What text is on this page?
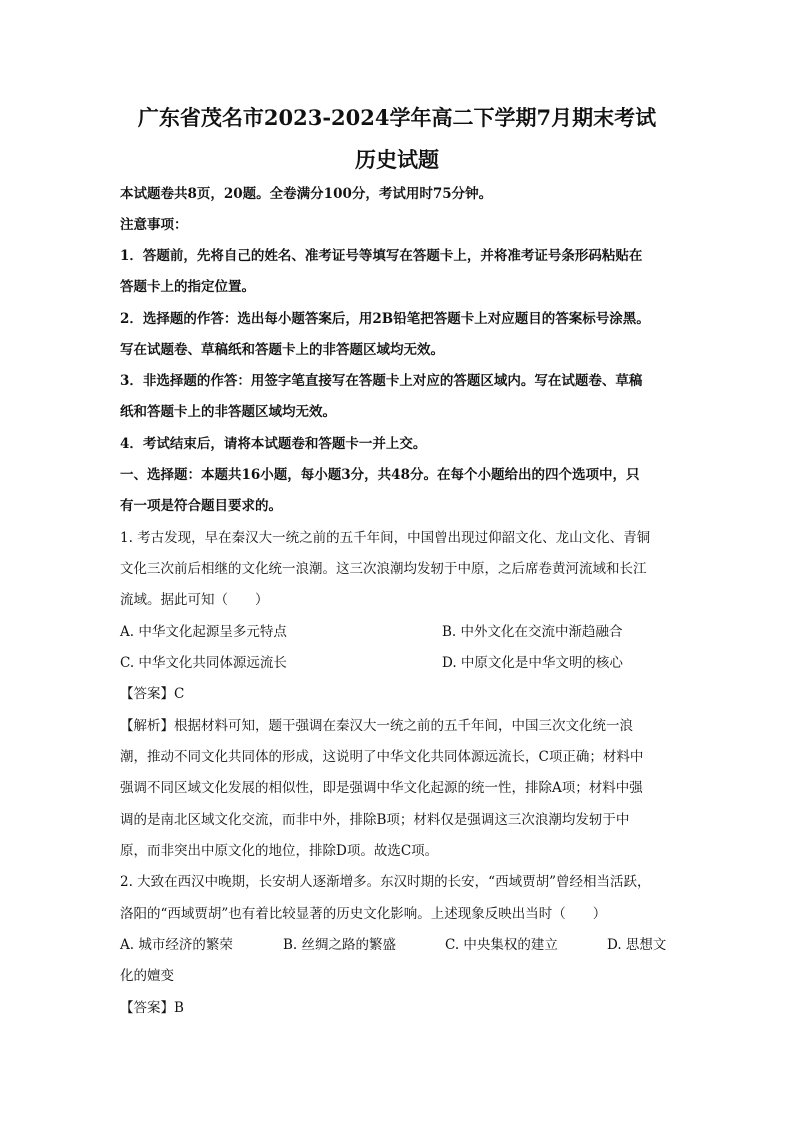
广东省茂名市2023-2024学年高二下学期7月期末考试
历史试题
本试题卷共8页，20题。全卷满分100分，考试用时75分钟。
注意事项：
1．答题前，先将自己的姓名、准考证号等填写在答题卡上，并将准考证号条形码粘贴在
答题卡上的指定位置。
2．选择题的作答：选出每小题答案后，用2B铅笔把答题卡上对应题目的答案标号涂黑。
写在试题卷、草稿纸和答题卡上的非答题区域均无效。
3．非选择题的作答：用签字笔直接写在答题卡上对应的答题区域内。写在试题卷、草稿
纸和答题卡上的非答题区域均无效。
4．考试结束后，请将本试题卷和答题卡一并上交。
一、选择题：本题共16小题，每小题3分，共48分。在每个小题给出的四个选项中，只
有一项是符合题目要求的。
1. 考古发现，早在秦汉大一统之前的五千年间，中国曾出现过仰韶文化、龙山文化、青铜
文化三次前后相继的文化统一浪潮。这三次浪潮均发轫于中原，之后席卷黄河流域和长江
流域。据此可知（　　）
A. 中华文化起源呈多元特点	B. 中外文化在交流中渐趋融合
C. 中华文化共同体源远流长	D. 中原文化是中华文明的核心
【答案】C
【解析】根据材料可知，题干强调在秦汉大一统之前的五千年间，中国三次文化统一浪
潮，推动不同文化共同体的形成，这说明了中华文化共同体源远流长，C项正确；材料中
强调不同区域文化发展的相似性，即是强调中华文化起源的统一性，排除A项；材料中强
调的是南北区域文化交流，而非中外，排除B项；材料仅是强调这三次浪潮均发轫于中
原，而非突出中原文化的地位，排除D项。故选C项。
2. 大致在西汉中晚期，长安胡人逐渐增多。东汉时期的长安，“西域贾胡”曾经相当活跃，
洛阳的“西域贾胡”也有着比较显著的历史文化影响。上述现象反映出当时（　　）
A. 城市经济的繁荣	B. 丝绸之路的繁盛	C. 中央集权的建立	D. 思想文
化的嬗变
【答案】B
